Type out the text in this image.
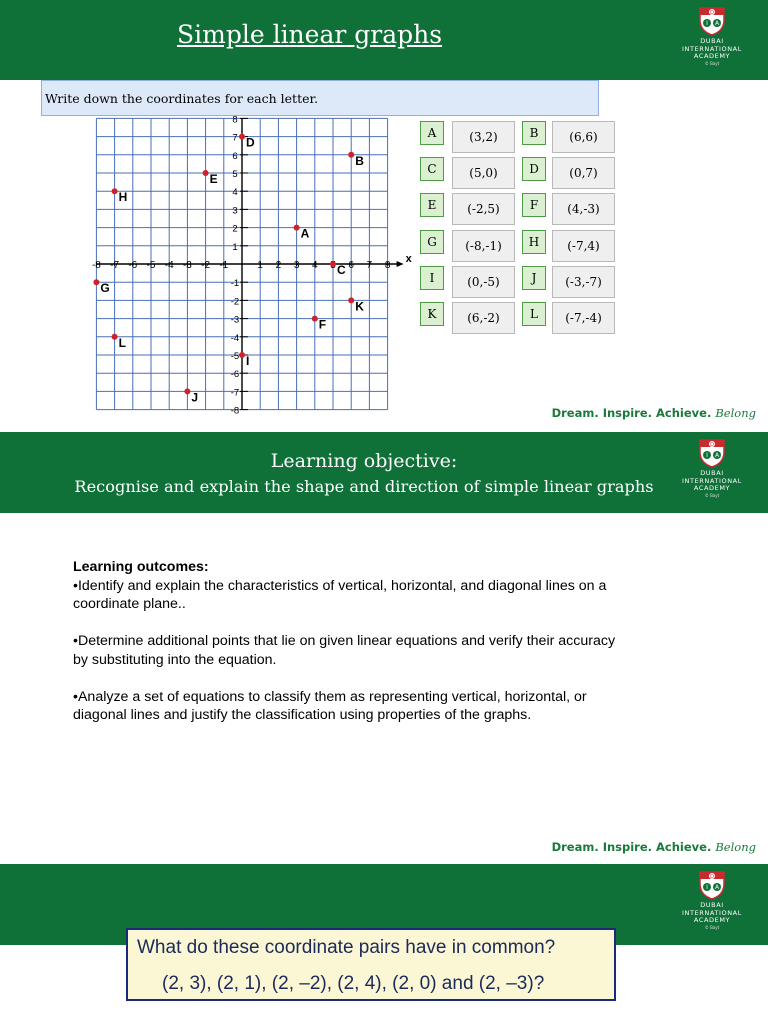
Simple linear graphs
D
I A
DUBAI
INTERNATIONAL
ACADEMY
© Bayt
Write down the coordinates for each letter.
x
-8 -7 -6 -5 -4 -3 -2 -1	1 2 3 4	6 7 8
8
7
6
5
4
3
2
1
-1
-2
-3
-4
-5
-6
-7
-8
A
B
C
D
E
F
G
H
I
J
K
L
A	(3,2)	B	(6,6)
C	(5,0)	D	(0,7)
E	(-2,5)	F	(4,-3)
G	(-8,-1)	H	(-7,4)
I	(0,-5)	J	(-3,-7)
K	(6,-2)	L	(-7,-4)
Dream. Inspire. Achieve. Belong
Learning objective:
Recognise and explain the shape and direction of simple linear graphs
D
I A
DUBAI
INTERNATIONAL
ACADEMY
© Bayt
Learning outcomes:

•Identify and explain the characteristics of vertical, horizontal, and diagonal lines on a coordinate plane..

•Determine additional points that lie on given linear equations and verify their accuracy by substituting into the equation.

•Analyze a set of equations to classify them as representing vertical, horizontal, or diagonal lines and justify the classification using properties of the graphs.

Dream. Inspire. Achieve. Belong
D
I A
DUBAI
INTERNATIONAL
ACADEMY
© Bayt
What do these coordinate pairs have in common?
(2, 3), (2, 1), (2, –2), (2, 4), (2, 0) and (2, –3)?
